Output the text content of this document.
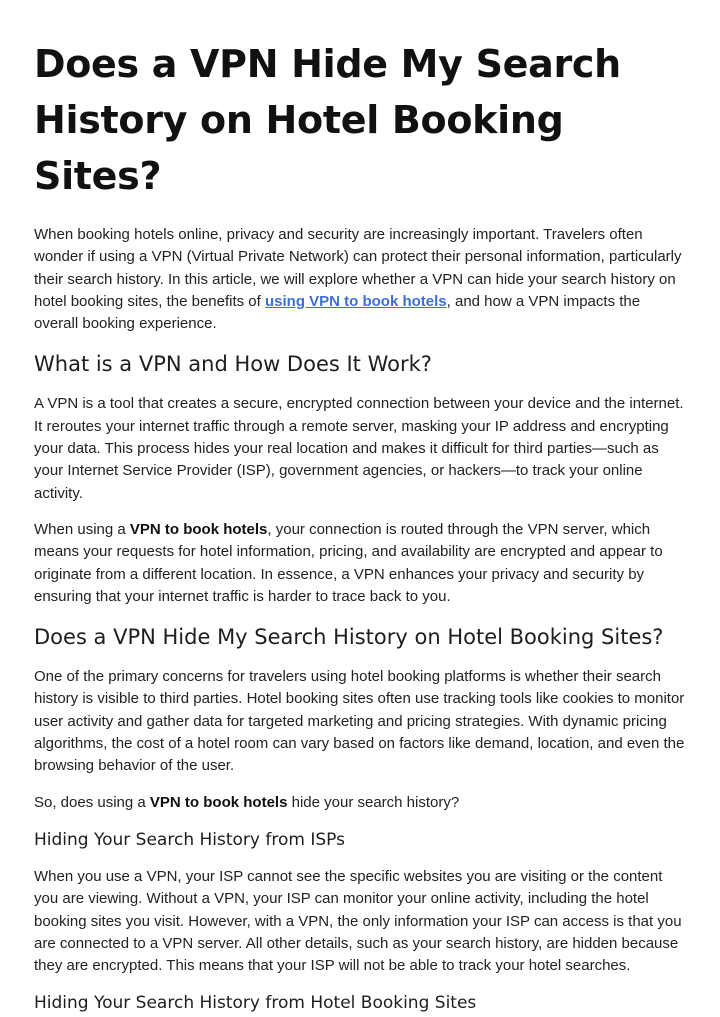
Does a VPN Hide My Search History on Hotel Booking Sites?

When booking hotels online, privacy and security are increasingly important. Travelers often wonder if using a VPN (Virtual Private Network) can protect their personal information, particularly their search history. In this article, we will explore whether a VPN can hide your search history on hotel booking sites, the benefits of using VPN to book hotels, and how a VPN impacts the overall booking experience.

What is a VPN and How Does It Work?

A VPN is a tool that creates a secure, encrypted connection between your device and the internet. It reroutes your internet traffic through a remote server, masking your IP address and encrypting your data. This process hides your real location and makes it difficult for third parties—such as your Internet Service Provider (ISP), government agencies, or hackers—to track your online activity.

When using a VPN to book hotels, your connection is routed through the VPN server, which means your requests for hotel information, pricing, and availability are encrypted and appear to originate from a different location. In essence, a VPN enhances your privacy and security by ensuring that your internet traffic is harder to trace back to you.

Does a VPN Hide My Search History on Hotel Booking Sites?

One of the primary concerns for travelers using hotel booking platforms is whether their search history is visible to third parties. Hotel booking sites often use tracking tools like cookies to monitor user activity and gather data for targeted marketing and pricing strategies. With dynamic pricing algorithms, the cost of a hotel room can vary based on factors like demand, location, and even the browsing behavior of the user.

So, does using a VPN to book hotels hide your search history?

Hiding Your Search History from ISPs

When you use a VPN, your ISP cannot see the specific websites you are visiting or the content you are viewing. Without a VPN, your ISP can monitor your online activity, including the hotel booking sites you visit. However, with a VPN, the only information your ISP can access is that you are connected to a VPN server. All other details, such as your search history, are hidden because they are encrypted. This means that your ISP will not be able to track your hotel searches.

Hiding Your Search History from Hotel Booking Sites
